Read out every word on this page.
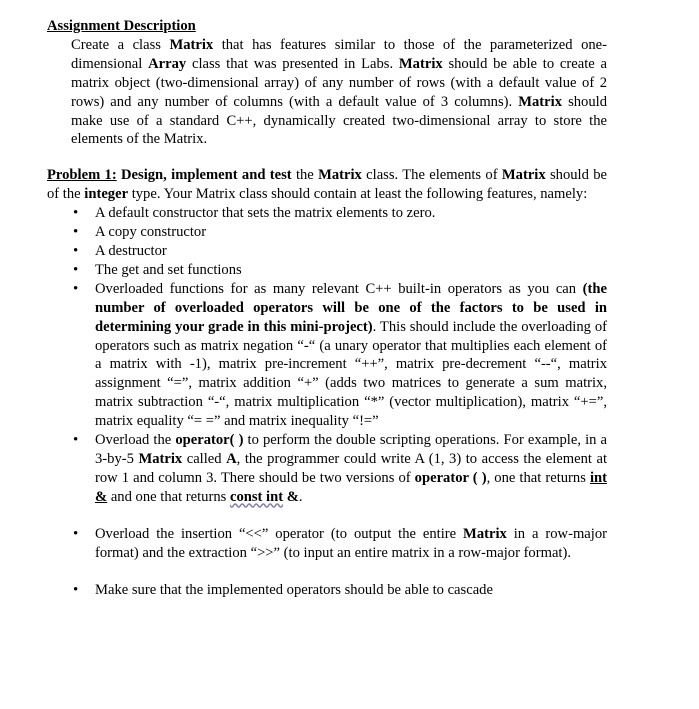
Assignment Description
Create a class Matrix that has features similar to those of the parameterized one-dimensional Array class that was presented in Labs. Matrix should be able to create a matrix object (two-dimensional array) of any number of rows (with a default value of 2 rows) and any number of columns (with a default value of 3 columns). Matrix should make use of a standard C++, dynamically created two-dimensional array to store the elements of the Matrix.
Problem 1: Design, implement and test the Matrix class. The elements of Matrix should be of the integer type. Your Matrix class should contain at least the following features, namely:
• A default constructor that sets the matrix elements to zero.
• A copy constructor
• A destructor
• The get and set functions
• Overloaded functions for as many relevant C++ built-in operators as you can (the number of overloaded operators will be one of the factors to be used in determining your grade in this mini-project). This should include the overloading of operators such as matrix negation “-“ (a unary operator that multiplies each element of a matrix with -1), matrix pre-increment “++”, matrix pre-decrement “--“, matrix assignment “=”, matrix addition “+” (adds two matrices to generate a sum matrix, matrix subtraction “-“, matrix multiplication “*” (vector multiplication), matrix “+=”, matrix equality “= =” and matrix inequality “!=”
• Overload the operator( ) to perform the double scripting operations. For example, in a 3-by-5 Matrix called A, the programmer could write A (1, 3) to access the element at row 1 and column 3. There should be two versions of operator ( ), one that returns int & and one that returns const int &.
• Overload the insertion “<<” operator (to output the entire Matrix in a row-major format) and the extraction “>>” (to input an entire matrix in a row-major format).
• Make sure that the implemented operators should be able to cascade
